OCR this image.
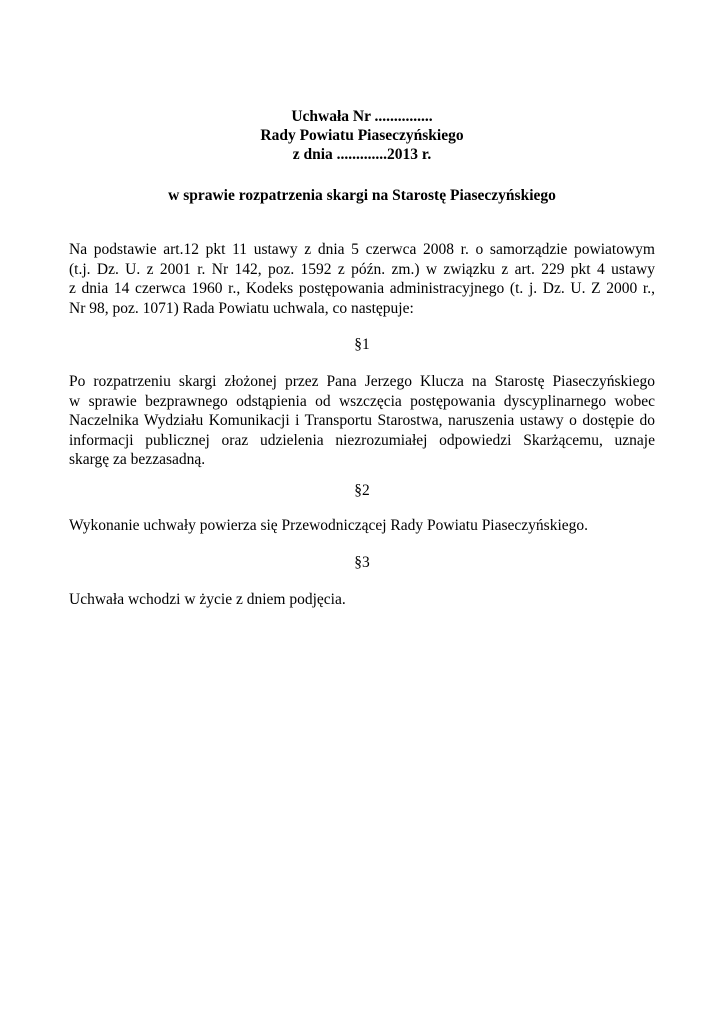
Uchwała Nr ...............
Rady Powiatu Piaseczyńskiego
z dnia .............2013 r.
w sprawie rozpatrzenia skargi na Starostę Piaseczyńskiego
Na podstawie art.12 pkt 11 ustawy z dnia 5 czerwca 2008 r. o samorządzie powiatowym
(t.j. Dz. U. z 2001 r. Nr 142, poz. 1592 z późn. zm.) w związku z art. 229 pkt 4 ustawy
z dnia 14 czerwca 1960 r., Kodeks postępowania administracyjnego (t. j. Dz. U. Z 2000 r.,
Nr 98, poz. 1071) Rada Powiatu uchwala, co następuje:
§1
Po rozpatrzeniu skargi złożonej przez Pana Jerzego Klucza na Starostę Piaseczyńskiego
w sprawie bezprawnego odstąpienia od wszczęcia postępowania dyscyplinarnego wobec
Naczelnika Wydziału Komunikacji i Transportu Starostwa, naruszenia ustawy o dostępie do
informacji publicznej oraz udzielenia niezrozumiałej odpowiedzi Skarżącemu, uznaje
skargę za bezzasadną.
§2
Wykonanie uchwały powierza się Przewodniczącej Rady Powiatu Piaseczyńskiego.
§3
Uchwała wchodzi w życie z dniem podjęcia.
